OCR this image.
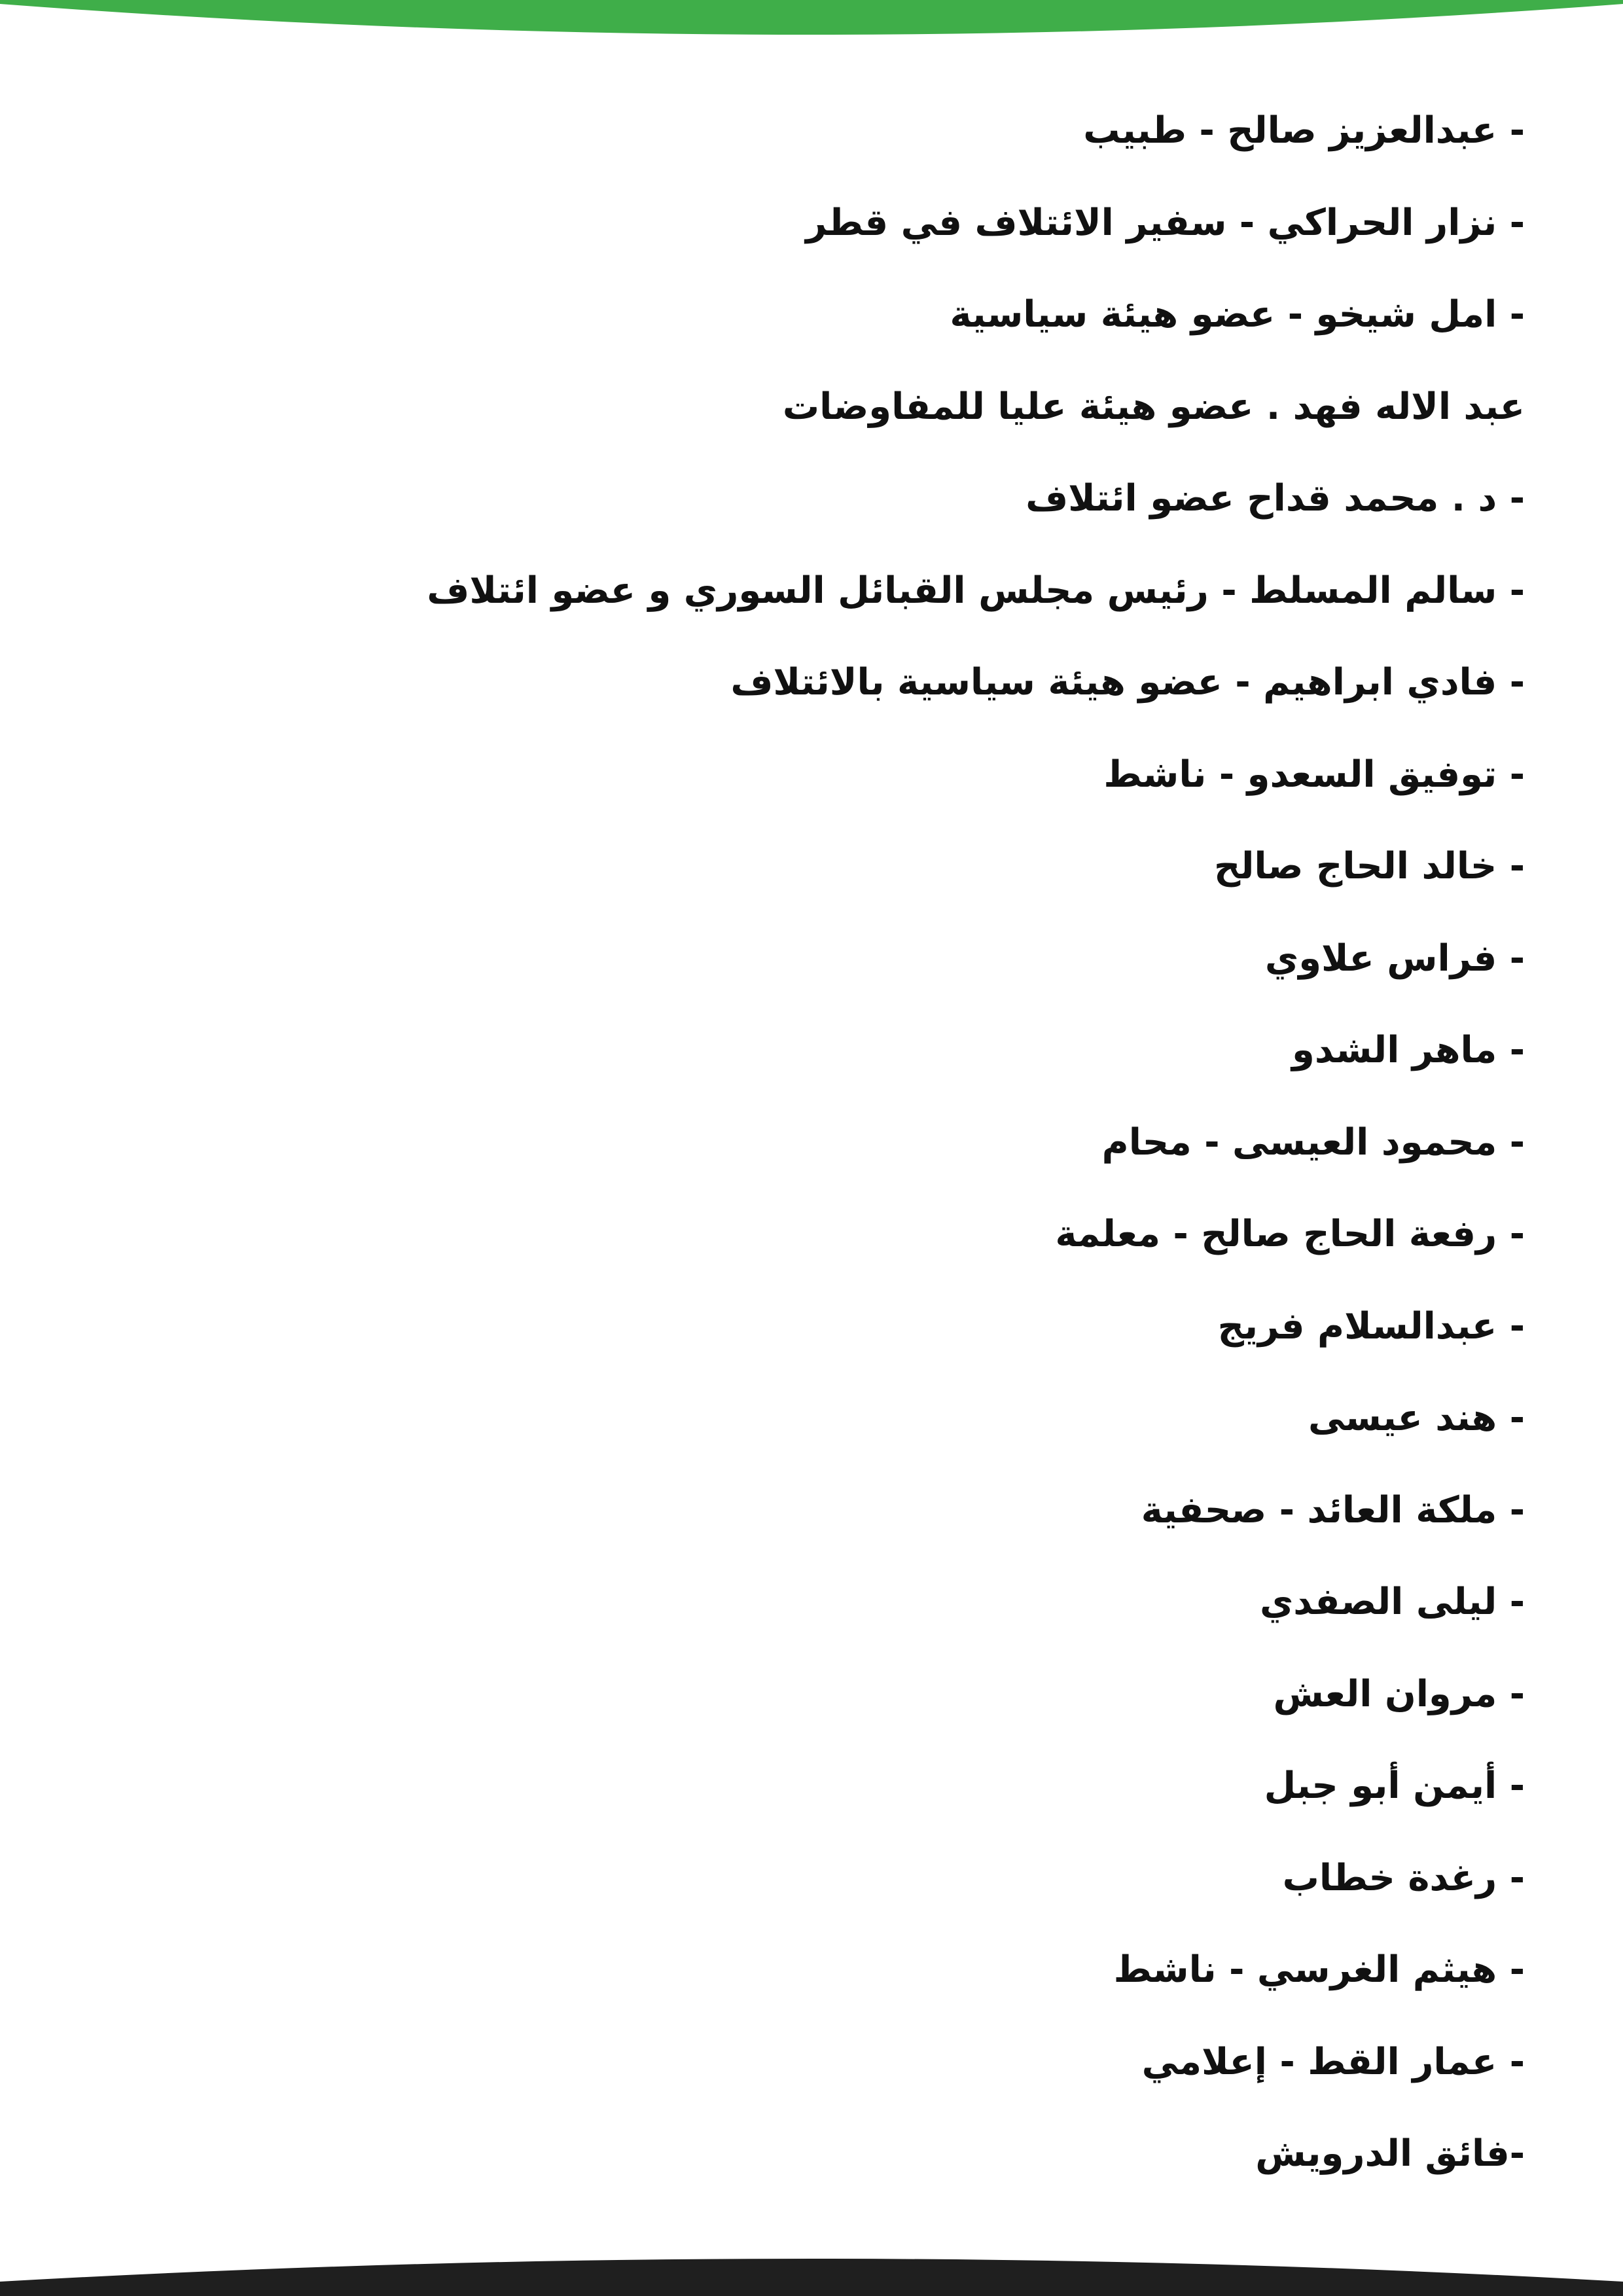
- عبدالعزيز صالح - طبيب
- نزار الحراكي - سفير الائتلاف في قطر
- امل شيخو - عضو هيئة سياسية
عبد الاله فهد . عضو هيئة عليا للمفاوضات
- د . محمد قداح عضو ائتلاف
- سالم المسلط - رئيس مجلس القبائل السوري و عضو ائتلاف
- فادي ابراهيم - عضو هيئة سياسية بالائتلاف
- توفيق السعدو - ناشط
- خالد الحاج صالح
- فراس علاوي
- ماهر الشدو
- محمود العيسى - محام
- رفعة الحاج صالح - معلمة
- عبدالسلام فريج
- هند عيسى
- ملكة العائد - صحفية
- ليلى الصفدي
- مروان العش
- أيمن أبو جبل
- رغدة خطاب
- هيثم الغرسي - ناشط
- عمار القط - إعلامي
-فائق الدرويش
